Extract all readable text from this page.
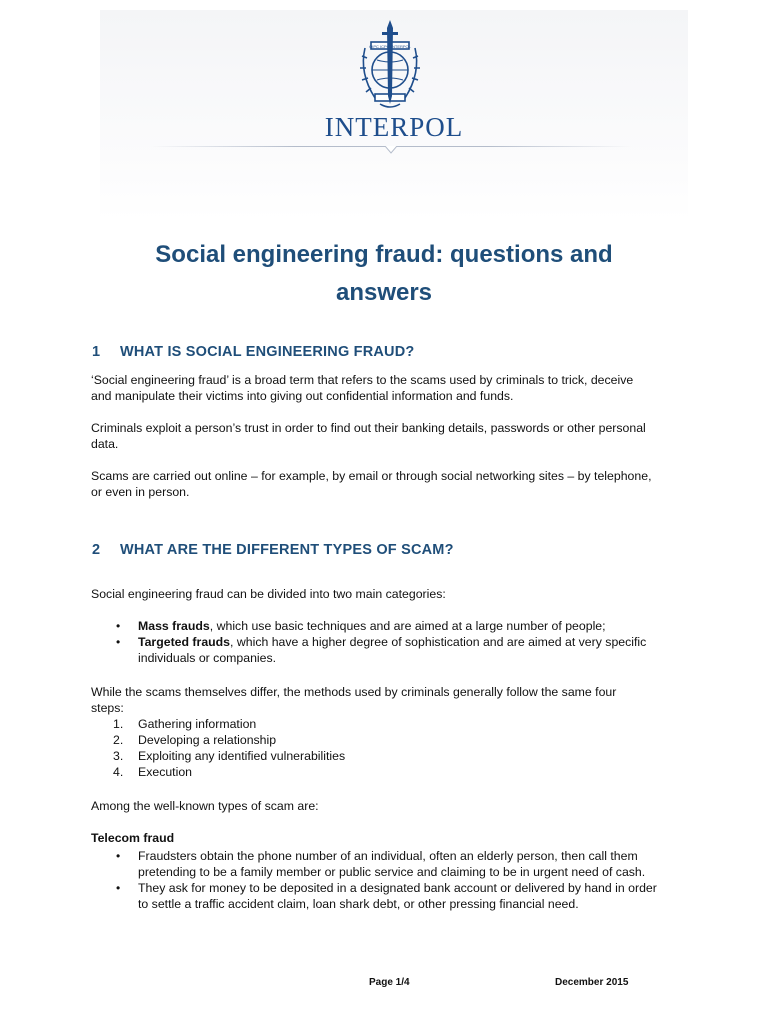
OIPC ICPO INTERPOL
INTERPOL
Social engineering fraud: questions and
answers
1 WHAT IS SOCIAL ENGINEERING FRAUD?
‘Social engineering fraud’ is a broad term that refers to the scams used by criminals to trick, deceive
and manipulate their victims into giving out confidential information and funds.
Criminals exploit a person’s trust in order to find out their banking details, passwords or other personal
data.
Scams are carried out online – for example, by email or through social networking sites – by telephone,
or even in person.
2 WHAT ARE THE DIFFERENT TYPES OF SCAM?
Social engineering fraud can be divided into two main categories:
• Mass frauds, which use basic techniques and are aimed at a large number of people;
• Targeted frauds, which have a higher degree of sophistication and are aimed at very specific
individuals or companies.
While the scams themselves differ, the methods used by criminals generally follow the same four
steps:
1. Gathering information
2. Developing a relationship
3. Exploiting any identified vulnerabilities
4. Execution
Among the well-known types of scam are:
Telecom fraud
• Fraudsters obtain the phone number of an individual, often an elderly person, then call them
pretending to be a family member or public service and claiming to be in urgent need of cash.
• They ask for money to be deposited in a designated bank account or delivered by hand in order
to settle a traffic accident claim, loan shark debt, or other pressing financial need.
Page 1/4	December 2015
